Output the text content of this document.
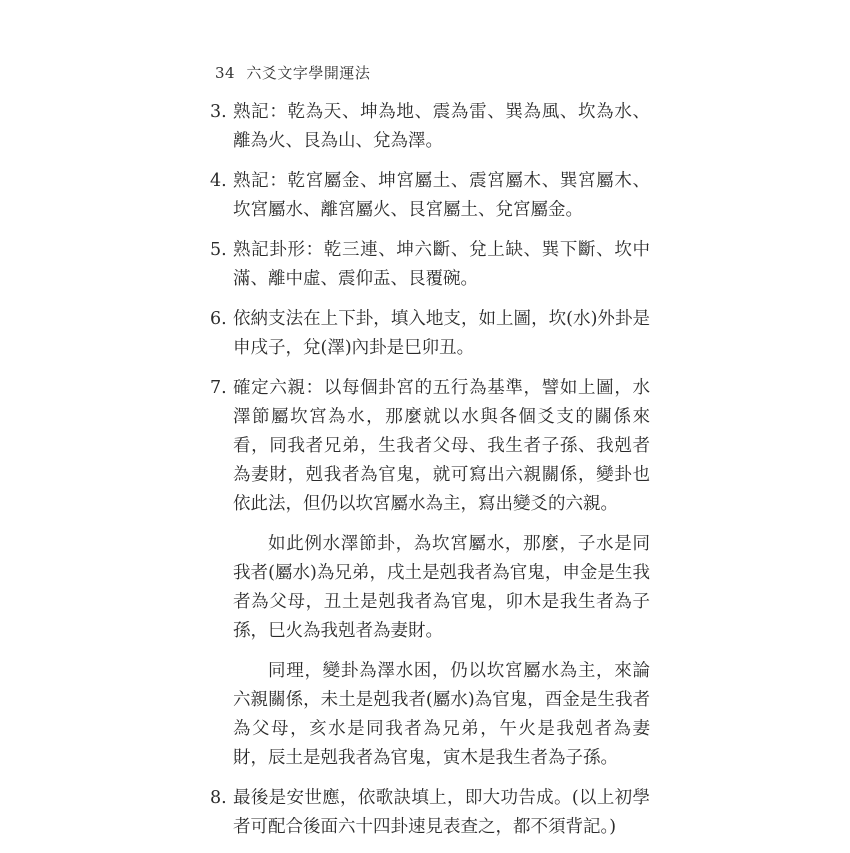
34 六爻文字學開運法
3. 熟記：乾為天、坤為地、震為雷、巽為風、坎為水、離為火、艮為山、兌為澤。
4. 熟記：乾宮屬金、坤宮屬土、震宮屬木、巽宮屬木、坎宮屬水、離宮屬火、艮宮屬土、兌宮屬金。
5. 熟記卦形：乾三連、坤六斷、兌上缺、巽下斷、坎中滿、離中虛、震仰盂、艮覆碗。
6. 依納支法在上下卦，填入地支，如上圖，坎(水)外卦是申戌子，兌(澤)內卦是巳卯丑。
7. 確定六親：以每個卦宮的五行為基準，譬如上圖，水澤節屬坎宮為水，那麼就以水與各個爻支的關係來看，同我者兄弟，生我者父母、我生者子孫、我剋者為妻財，剋我者為官鬼，就可寫出六親關係，變卦也依此法，但仍以坎宮屬水為主，寫出變爻的六親。

如此例水澤節卦，為坎宮屬水，那麼，子水是同我者(屬水)為兄弟，戌土是剋我者為官鬼，申金是生我者為父母，丑土是剋我者為官鬼，卯木是我生者為子孫，巳火為我剋者為妻財。

同理，變卦為澤水困，仍以坎宮屬水為主，來論六親關係，未土是剋我者(屬水)為官鬼，酉金是生我者為父母，亥水是同我者為兄弟，午火是我剋者為妻財，辰土是剋我者為官鬼，寅木是我生者為子孫。

8. 最後是安世應，依歌訣填上，即大功告成。(以上初學者可配合後面六十四卦速見表查之，都不須背記。)
